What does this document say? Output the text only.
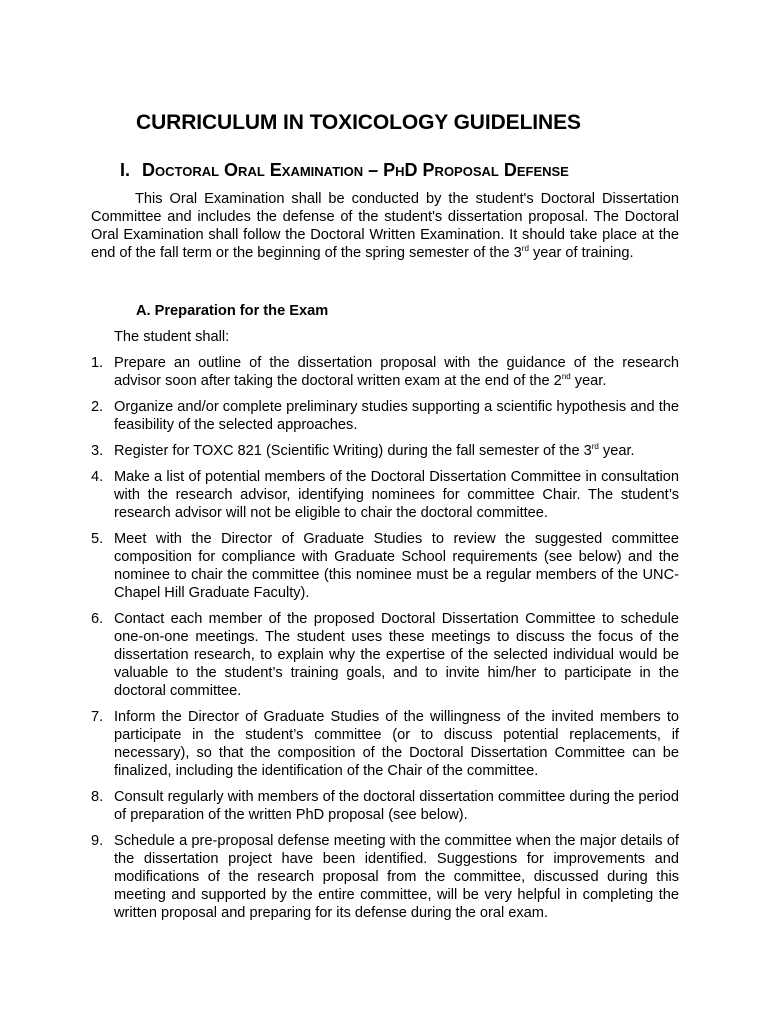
CURRICULUM IN TOXICOLOGY GUIDELINES
I. Doctoral Oral Examination – PhD Proposal Defense

This Oral Examination shall be conducted by the student's Doctoral Dissertation Committee and includes the defense of the student's dissertation proposal. The Doctoral Oral Examination shall follow the Doctoral Written Examination. It should take place at the end of the fall term or the beginning of the spring semester of the 3rd year of training.

A. Preparation for the Exam

The student shall:

1. Prepare an outline of the dissertation proposal with the guidance of the research advisor soon after taking the doctoral written exam at the end of the 2nd year.
2. Organize and/or complete preliminary studies supporting a scientific hypothesis and the feasibility of the selected approaches.
3. Register for TOXC 821 (Scientific Writing) during the fall semester of the 3rd year.
4. Make a list of potential members of the Doctoral Dissertation Committee in consultation with the research advisor, identifying nominees for committee Chair. The student’s research advisor will not be eligible to chair the doctoral committee.
5. Meet with the Director of Graduate Studies to review the suggested committee composition for compliance with Graduate School requirements (see below) and the nominee to chair the committee (this nominee must be a regular members of the UNC-Chapel Hill Graduate Faculty).
6. Contact each member of the proposed Doctoral Dissertation Committee to schedule one-on-one meetings. The student uses these meetings to discuss the focus of the dissertation research, to explain why the expertise of the selected individual would be valuable to the student’s training goals, and to invite him/her to participate in the doctoral committee.
7. Inform the Director of Graduate Studies of the willingness of the invited members to participate in the student’s committee (or to discuss potential replacements, if necessary), so that the composition of the Doctoral Dissertation Committee can be finalized, including the identification of the Chair of the committee.
8. Consult regularly with members of the doctoral dissertation committee during the period of preparation of the written PhD proposal (see below).
9. Schedule a pre-proposal defense meeting with the committee when the major details of the dissertation project have been identified. Suggestions for improvements and modifications of the research proposal from the committee, discussed during this meeting and supported by the entire committee, will be very helpful in completing the written proposal and preparing for its defense during the oral exam.
